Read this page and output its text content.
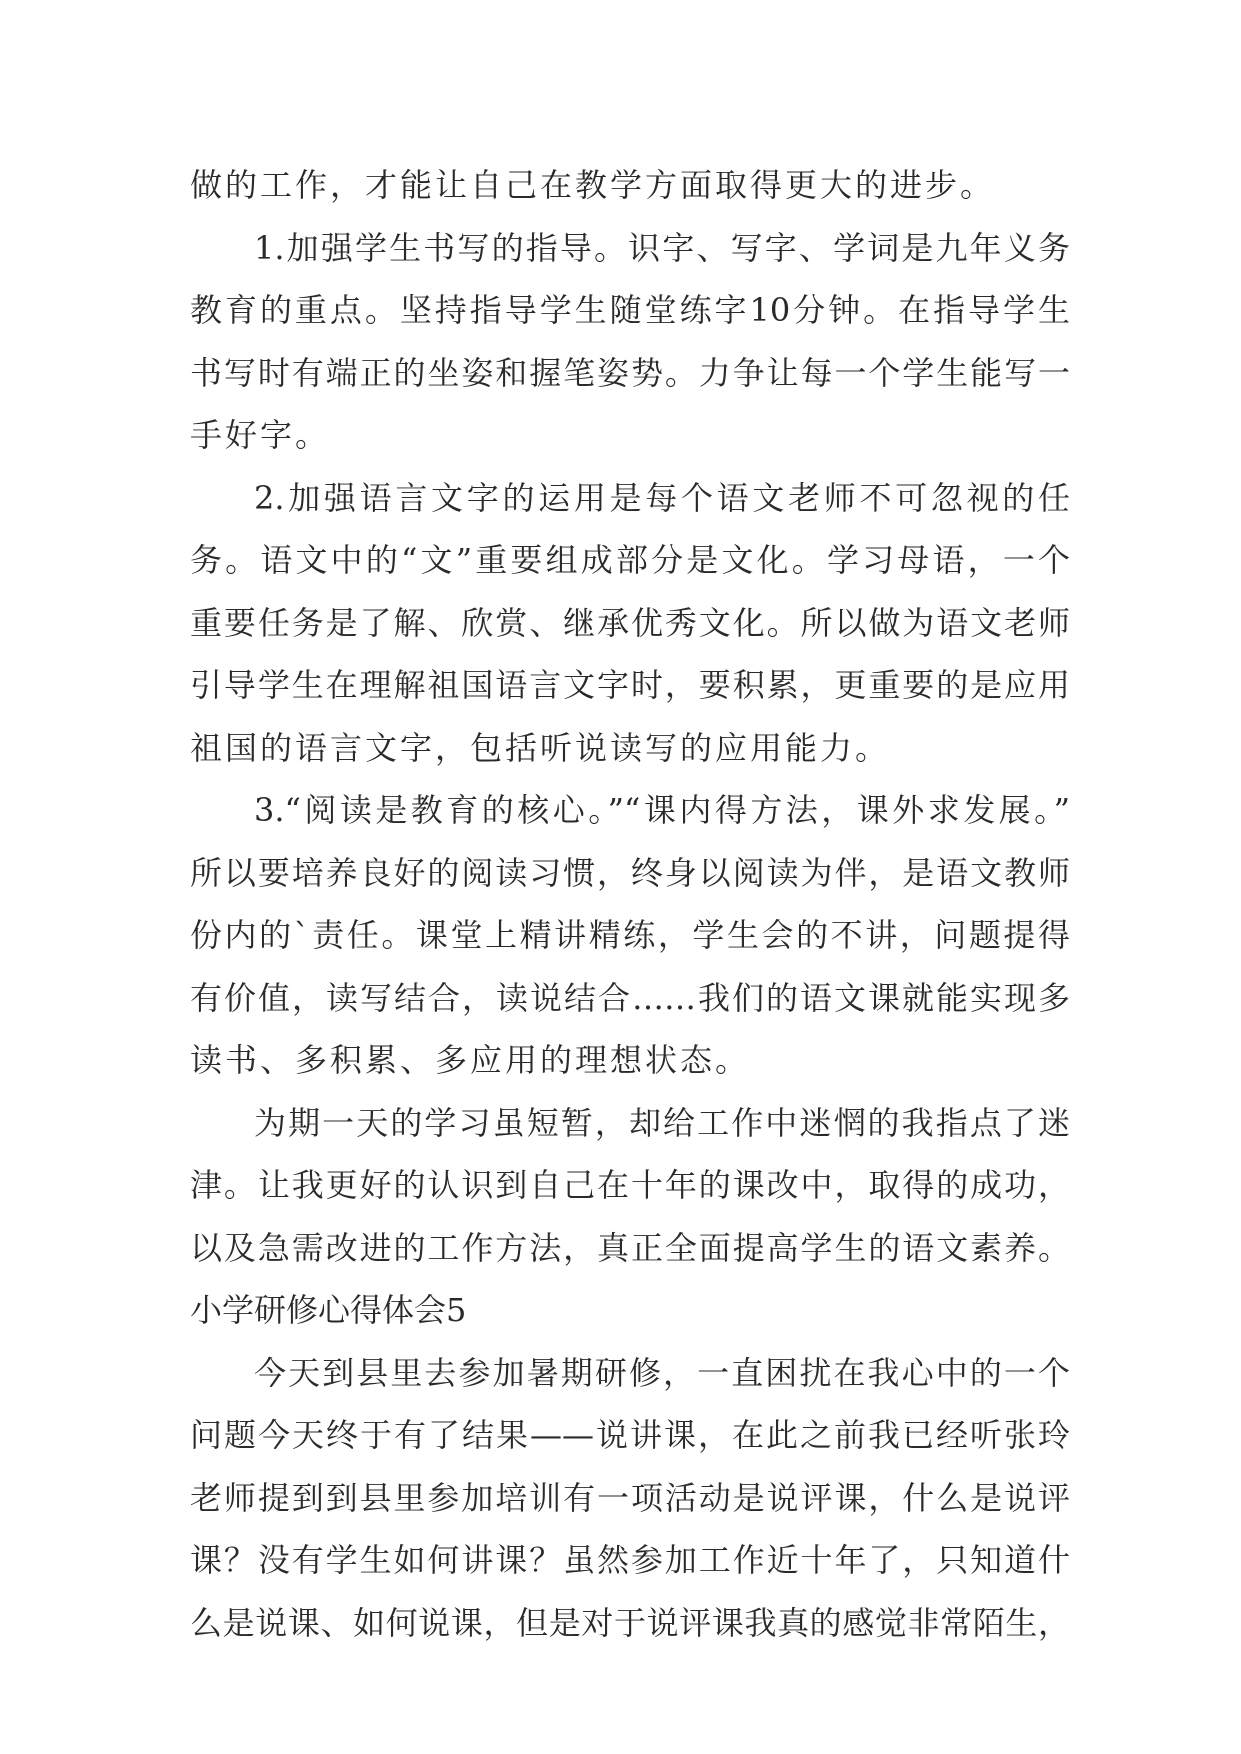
做的工作，才能让自己在教学方面取得更大的进步。
1.加强学生书写的指导。识字、写字、学词是九年义务
教育的重点。坚持指导学生随堂练字10分钟。在指导学生
书写时有端正的坐姿和握笔姿势。力争让每一个学生能写一
手好字。
2.加强语言文字的运用是每个语文老师不可忽视的任
务。语文中的“文”重要组成部分是文化。学习母语，一个
重要任务是了解、欣赏、继承优秀文化。所以做为语文老师
引导学生在理解祖国语言文字时，要积累，更重要的是应用
祖国的语言文字，包括听说读写的应用能力。
3.“阅读是教育的核心。”“课内得方法，课外求发展。”
所以要培养良好的阅读习惯，终身以阅读为伴，是语文教师
份内的`责任。课堂上精讲精练，学生会的不讲，问题提得
有价值，读写结合，读说结合……我们的语文课就能实现多
读书、多积累、多应用的理想状态。
为期一天的学习虽短暂，却给工作中迷惘的我指点了迷
津。让我更好的认识到自己在十年的课改中，取得的成功，
以及急需改进的工作方法，真正全面提高学生的语文素养。
小学研修心得体会5
今天到县里去参加暑期研修，一直困扰在我心中的一个
问题今天终于有了结果——说讲课，在此之前我已经听张玲
老师提到到县里参加培训有一项活动是说评课，什么是说评
课？没有学生如何讲课？虽然参加工作近十年了，只知道什
么是说课、如何说课，但是对于说评课我真的感觉非常陌生，
